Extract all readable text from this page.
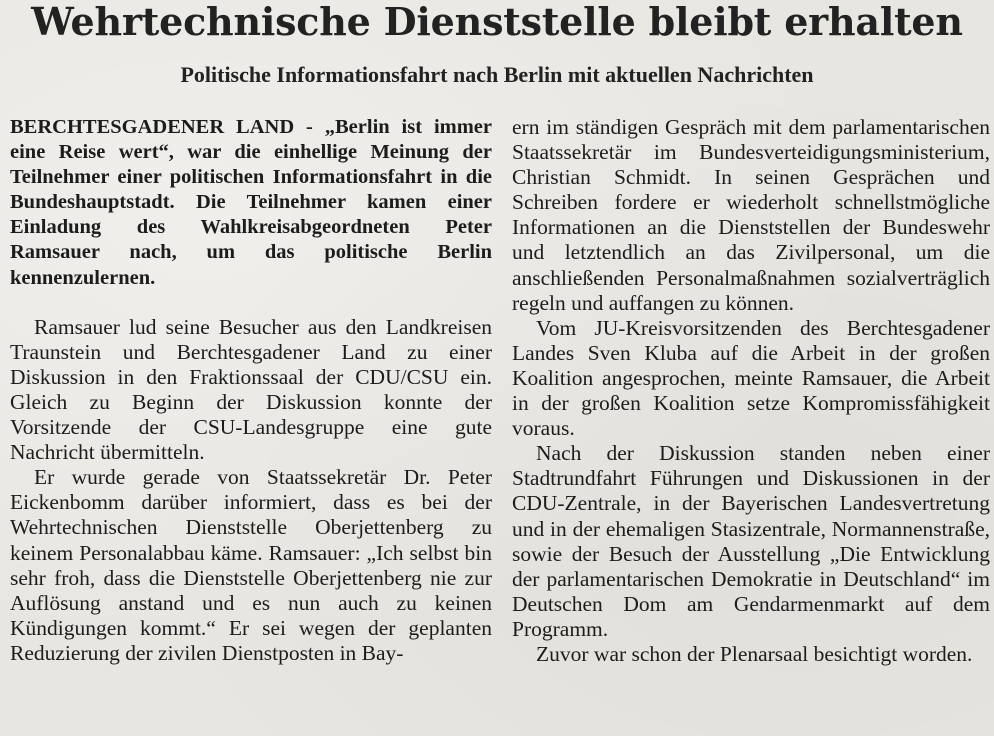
Wehrtechnische Dienststelle bleibt erhalten
Politische Informationsfahrt nach Berlin mit aktuellen Nachrichten

BERCHTESGADENER LAND - „Berlin ist immer eine Reise wert“, war die einhellige Meinung der Teilnehmer einer politischen Informationsfahrt in die Bundeshauptstadt. Die Teilnehmer kamen einer Einladung des Wahlkreisabgeordneten Peter Ramsauer nach, um das politische Berlin kennenzulernen.

Ramsauer lud seine Besucher aus den Landkreisen Traunstein und Berchtesgadener Land zu einer Diskussion in den Fraktionssaal der CDU/CSU ein. Gleich zu Beginn der Diskussion konnte der Vorsitzende der CSU-Landesgruppe eine gute Nachricht übermitteln.

Er wurde gerade von Staatssekretär Dr. Peter Eickenbomm darüber informiert, dass es bei der Wehrtechnischen Dienststelle Oberjettenberg zu keinem Personalabbau käme. Ramsauer: „Ich selbst bin sehr froh, dass die Dienststelle Oberjettenberg nie zur Auflösung anstand und es nun auch zu keinen Kündigungen kommt.“ Er sei wegen der geplanten Reduzierung der zivilen Dienstposten in Bay-

ern im ständigen Gespräch mit dem parlamentarischen Staatssekretär im Bundesverteidigungsministerium, Christian Schmidt. In seinen Gesprächen und Schreiben fordere er wiederholt schnellstmögliche Informationen an die Dienststellen der Bundeswehr und letztendlich an das Zivilpersonal, um die anschließenden Personalmaßnahmen sozialverträglich regeln und auffangen zu können.

Vom JU-Kreisvorsitzenden des Berchtesgadener Landes Sven Kluba auf die Arbeit in der großen Koalition angesprochen, meinte Ramsauer, die Arbeit in der großen Koalition setze Kompromissfähigkeit voraus.

Nach der Diskussion standen neben einer Stadtrundfahrt Führungen und Diskussionen in der CDU-Zentrale, in der Bayerischen Landesvertretung und in der ehemaligen Stasizentrale, Normannenstraße, sowie der Besuch der Ausstellung „Die Entwicklung der parlamentarischen Demokratie in Deutschland“ im Deutschen Dom am Gendarmenmarkt auf dem Programm.

Zuvor war schon der Plenarsaal besichtigt worden.
